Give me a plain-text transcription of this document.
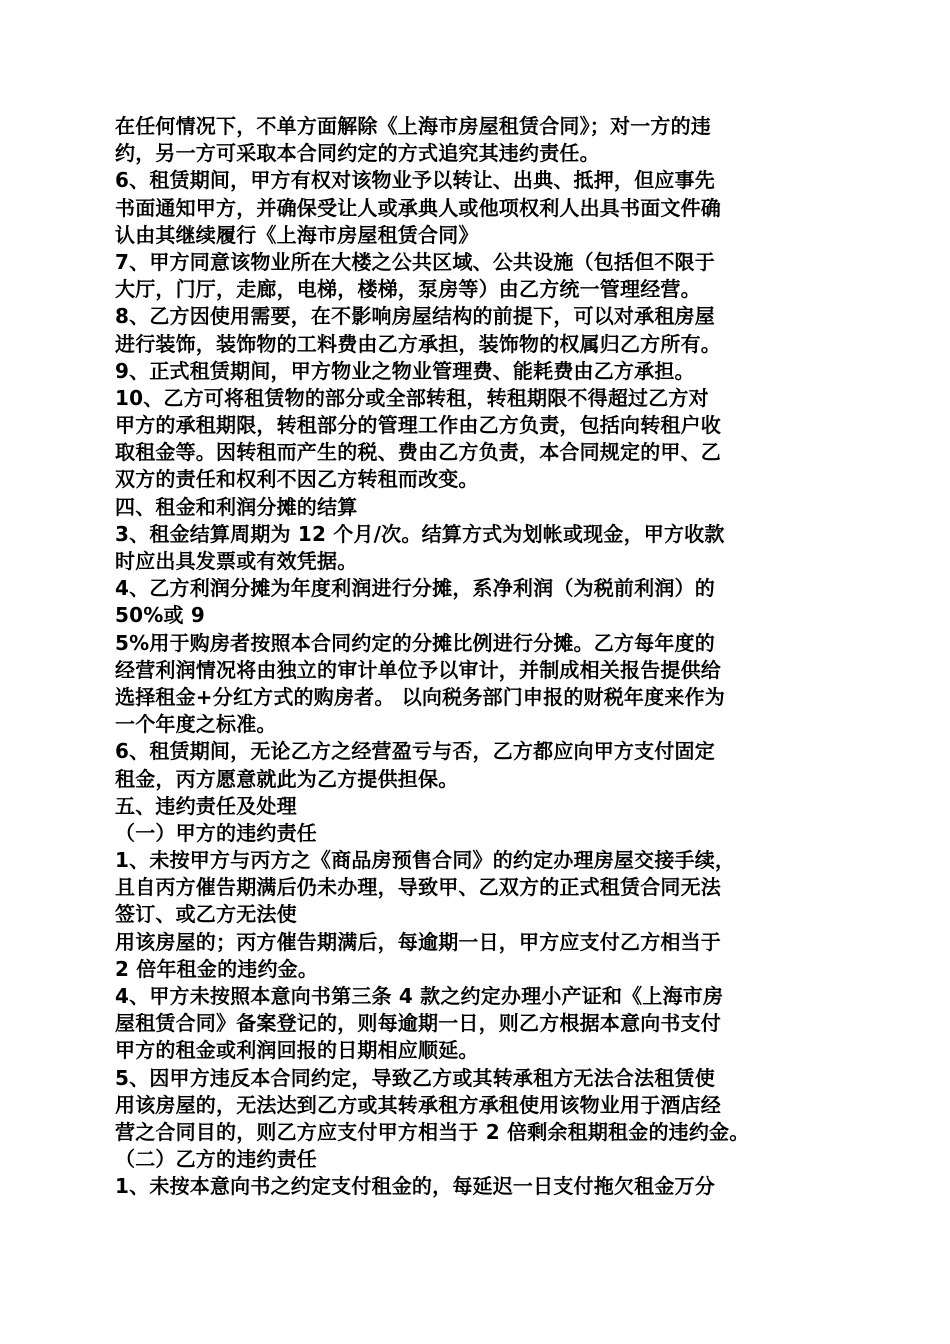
在任何情况下，不单方面解除《上海市房屋租赁合同》；对一方的违
约，另一方可采取本合同约定的方式追究其违约责任。
6、租赁期间，甲方有权对该物业予以转让、出典、抵押，但应事先
书面通知甲方，并确保受让人或承典人或他项权利人出具书面文件确
认由其继续履行《上海市房屋租赁合同》
7、甲方同意该物业所在大楼之公共区域、公共设施（包括但不限于
大厅，门厅，走廊，电梯，楼梯，泵房等）由乙方统一管理经营。
8、乙方因使用需要，在不影响房屋结构的前提下，可以对承租房屋
进行装饰，装饰物的工料费由乙方承担，装饰物的权属归乙方所有。
9、正式租赁期间，甲方物业之物业管理费、能耗费由乙方承担。
10、乙方可将租赁物的部分或全部转租，转租期限不得超过乙方对
甲方的承租期限，转租部分的管理工作由乙方负责，包括向转租户收
取租金等。因转租而产生的税、费由乙方负责，本合同规定的甲、乙
双方的责任和权利不因乙方转租而改变。
四、租金和利润分摊的结算
3、租金结算周期为 12 个月/次。结算方式为划帐或现金，甲方收款
时应出具发票或有效凭据。
4、乙方利润分摊为年度利润进行分摊，系净利润（为税前利润）的
50%或 9
5%用于购房者按照本合同约定的分摊比例进行分摊。乙方每年度的
经营利润情况将由独立的审计单位予以审计，并制成相关报告提供给
选择租金+分红方式的购房者。 以向税务部门申报的财税年度来作为
一个年度之标准。
6、租赁期间，无论乙方之经营盈亏与否，乙方都应向甲方支付固定
租金，丙方愿意就此为乙方提供担保。
五、违约责任及处理
（一）甲方的违约责任
1、未按甲方与丙方之《商品房预售合同》的约定办理房屋交接手续，
且自丙方催告期满后仍未办理，导致甲、乙双方的正式租赁合同无法
签订、或乙方无法使
用该房屋的；丙方催告期满后，每逾期一日，甲方应支付乙方相当于
2 倍年租金的违约金。
4、甲方未按照本意向书第三条 4 款之约定办理小产证和《上海市房
屋租赁合同》备案登记的，则每逾期一日，则乙方根据本意向书支付
甲方的租金或利润回报的日期相应顺延。
5、因甲方违反本合同约定，导致乙方或其转承租方无法合法租赁使
用该房屋的，无法达到乙方或其转承租方承租使用该物业用于酒店经
营之合同目的，则乙方应支付甲方相当于 2 倍剩余租期租金的违约金。
（二）乙方的违约责任
1、未按本意向书之约定支付租金的，每延迟一日支付拖欠租金万分
